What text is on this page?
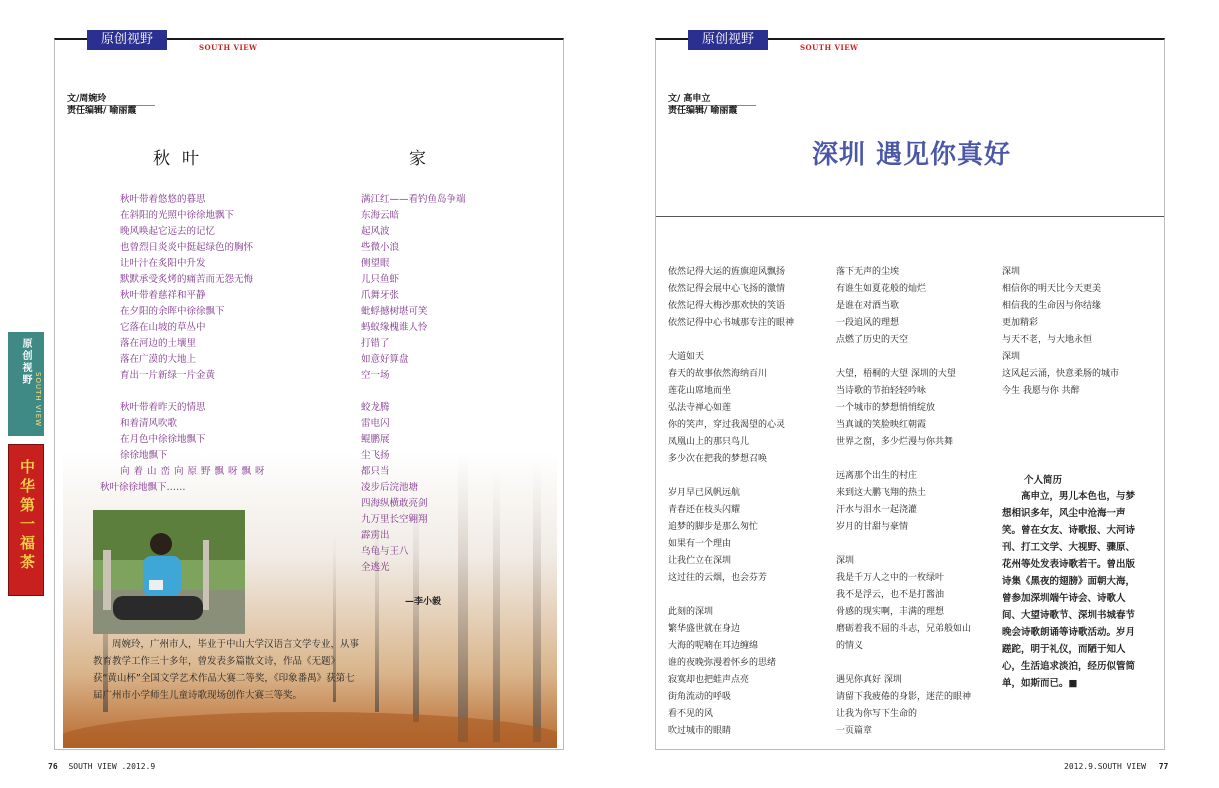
原创视野
SOUTH VIEW
文/周婉玲
责任编辑/ 喻丽霞
秋叶
秋叶带着悠悠的暮思
在斜阳的光照中徐徐地飘下
晚风唤起它远去的记忆
也曾烈日炎炎中挺起绿色的胸怀
让叶汁在炙阳中升发
默默承受炙烤的痛苦而无怨无悔
秋叶带着慈祥和平静
在夕阳的余晖中徐徐飘下
它落在山坡的草丛中
落在河边的土壤里
落在广漠的大地上
育出一片新绿一片金黄
秋叶带着昨天的情思
和着清风吹歌
在月色中徐徐地飘下
徐徐地飘下
向着山峦向原野飘呀飘呀
秋叶徐徐地飘下……
家
满江红——看钓鱼岛争端
东海云暗
起风波
些微小浪
侧望眼
儿只鱼虾
爪舞牙张
蚍蜉撼树堪可笑
蚂蚁缘槐谁人怜
打错了
如意好算盘
空一场
蛟龙腾
雷电闪
鲲鹏展
尘飞扬
都只当
凌步后浣池塘
四海纵横敢亮剑
九万里长空翱翔
霹雳出
乌龟与王八
全逃光
—李小毅
周婉玲，广州市人，毕业于中山大学汉语言文学专业，从事教育教学工作三十多年，曾发表多篇散文诗，作品《无题》获“黄山杯”全国文学艺术作品大赛二等奖，《印象番禺》获第七届广州市小学师生儿童诗歌现场创作大赛三等奖。
原创视野
SOUTH VIEW
文/ 高申立
责任编辑/ 喻丽霞
深圳 遇见你真好
依然记得大运的旌旗迎风飘扬
依然记得会展中心飞扬的激情
依然记得大梅沙那欢快的笑语
依然记得中心书城那专注的眼神
大道如天
春天的故事依然海纳百川
莲花山席地而坐
弘法寺禅心如莲
你的笑声，穿过我渴望的心灵
凤凰山上的那只鸟儿
多少次在把我的梦想召唤
岁月早已风帆远航
青春还在枝头闪耀
追梦的脚步是那么匆忙
如果有一个理由
让我伫立在深圳
这过往的云烟，也会芬芳
此刻的深圳
繁华盛世就在身边
大海的呢喃在耳边缠绵
谁的夜晚弥漫着怀乡的思绪
寂寞却也把蛙声点亮
街角流动的呼吸
看不见的风
吹过城市的眼睛
落下无声的尘埃
有谁生如夏花般的灿烂
是谁在对酒当歌
一段追风的理想
点燃了历史的天空
大望，梧桐的大望 深圳的大望
当诗歌的节拍轻轻吟咏
一个城市的梦想悄悄绽放
当真诚的笑脸映红朝霞
世界之窗，多少烂漫与你共舞
远离那个出生的村庄
来到这大鹏飞翔的热土
汗水与泪水一起浇灌
岁月的甘甜与豪情
深圳
我是千万人之中的一枚绿叶
我不是浮云，也不是打酱油
骨感的现实啊，丰满的理想
磨砺着我不屈的斗志，兄弟般如山
的情义
遇见你真好 深圳
请留下我疲倦的身影，迷茫的眼神
让我为你写下生命的
一页篇章
深圳
相信你的明天比今天更美
相信我的生命因与你结缘
更加精彩
与天不老，与大地永恒
深圳
这风起云涌，快意柔肠的城市
今生 我愿与你 共醉
个人简历
高申立，男儿本色也，与梦想相识多年，风尘中沧海一声笑。曾在女友、诗歌报、大河诗刊、打工文学、大视野、骤原、花州等处发表诗歌若干。曾出版诗集《黑夜的翅膀》面朝大海，曾参加深圳端午诗会、诗歌人间、大望诗歌节、深圳书城春节晚会诗歌朗诵等诗歌活动。岁月蹉跎，明于礼仪，而陋于知人心，生活追求淡泊，经历似管简单，如斯而已。■
原创视野
SOUTH VIEW
中华第一福茶
76 SOUTH VIEW .2012.9	2012.9.SOUTH VIEW 77
